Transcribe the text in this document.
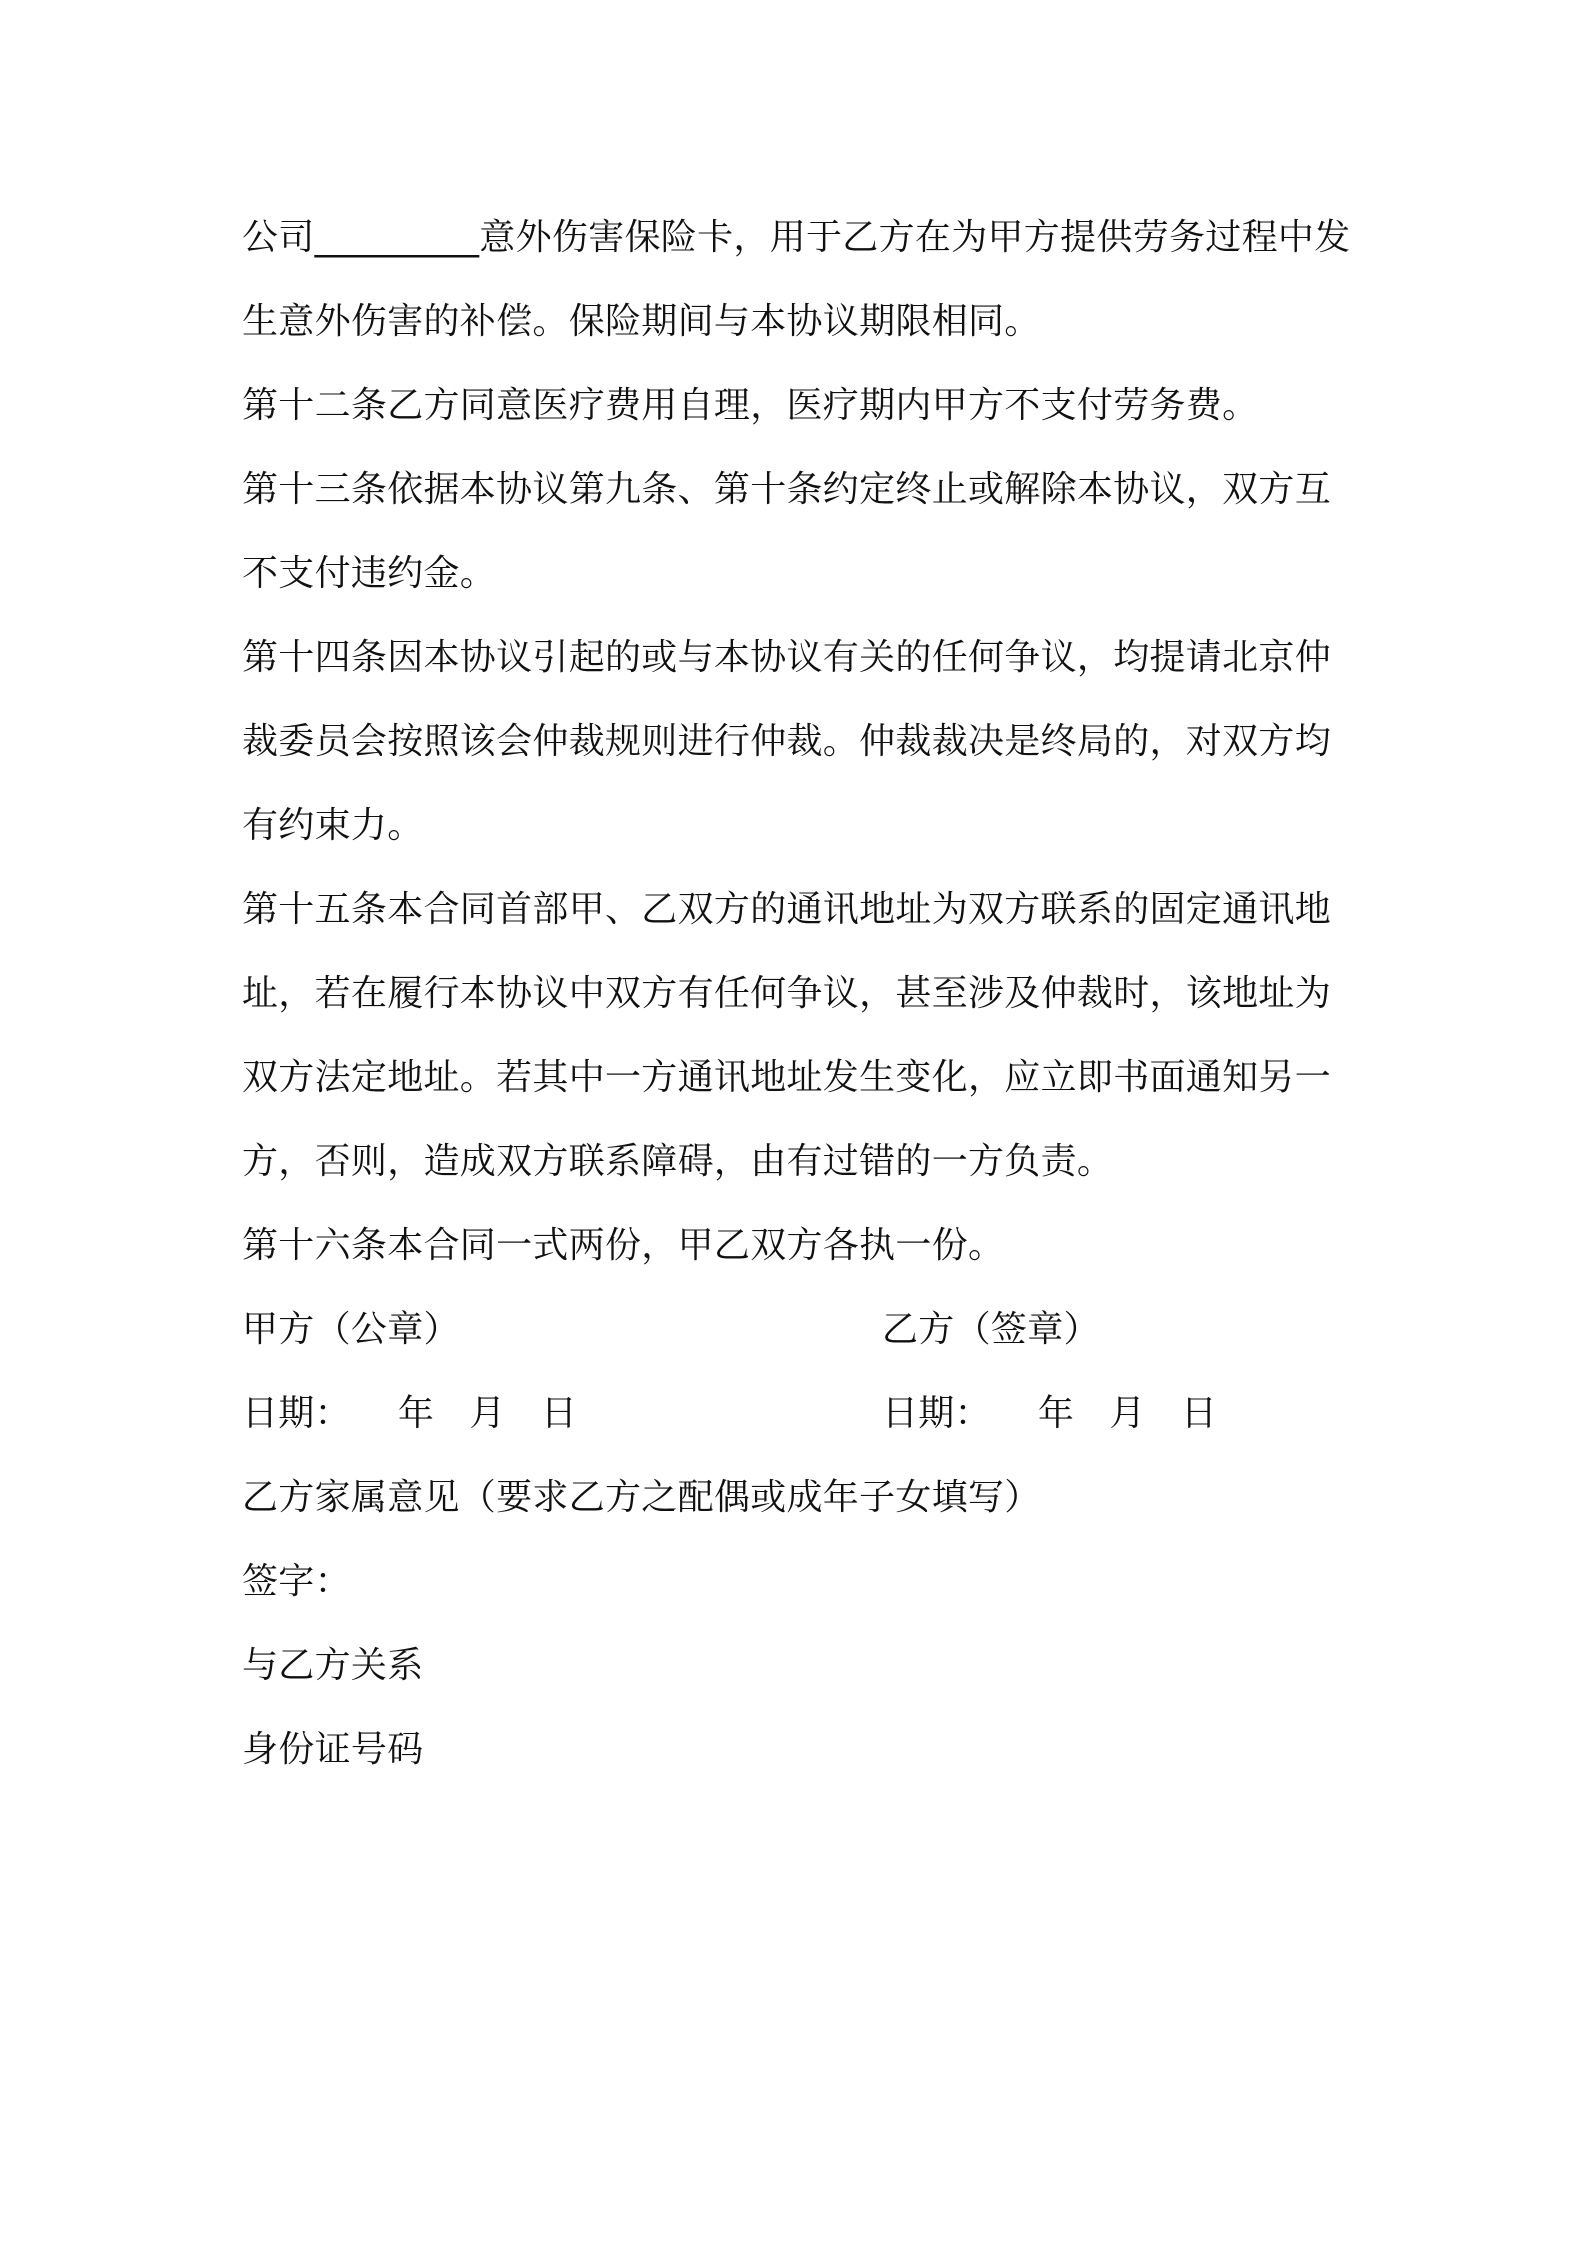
公司_________意外伤害保险卡，用于乙方在为甲方提供劳务过程中发生意外伤害的补偿。保险期间与本协议期限相同。

第十二条乙方同意医疗费用自理，医疗期内甲方不支付劳务费。

第十三条依据本协议第九条、第十条约定终止或解除本协议，双方互不支付违约金。

第十四条因本协议引起的或与本协议有关的任何争议，均提请北京仲裁委员会按照该会仲裁规则进行仲裁。仲裁裁决是终局的，对双方均有约束力。

第十五条本合同首部甲、乙双方的通讯地址为双方联系的固定通讯地址，若在履行本协议中双方有任何争议，甚至涉及仲裁时，该地址为双方法定地址。若其中一方通讯地址发生变化，应立即书面通知另一方，否则，造成双方联系障碍，由有过错的一方负责。

第十六条本合同一式两份，甲乙双方各执一份。

甲方（公章）

	乙方（签章）

日期：    年   月   日

	日期：    年   月   日

乙方家属意见（要求乙方之配偶或成年子女填写）

签字：

与乙方关系

身份证号码
